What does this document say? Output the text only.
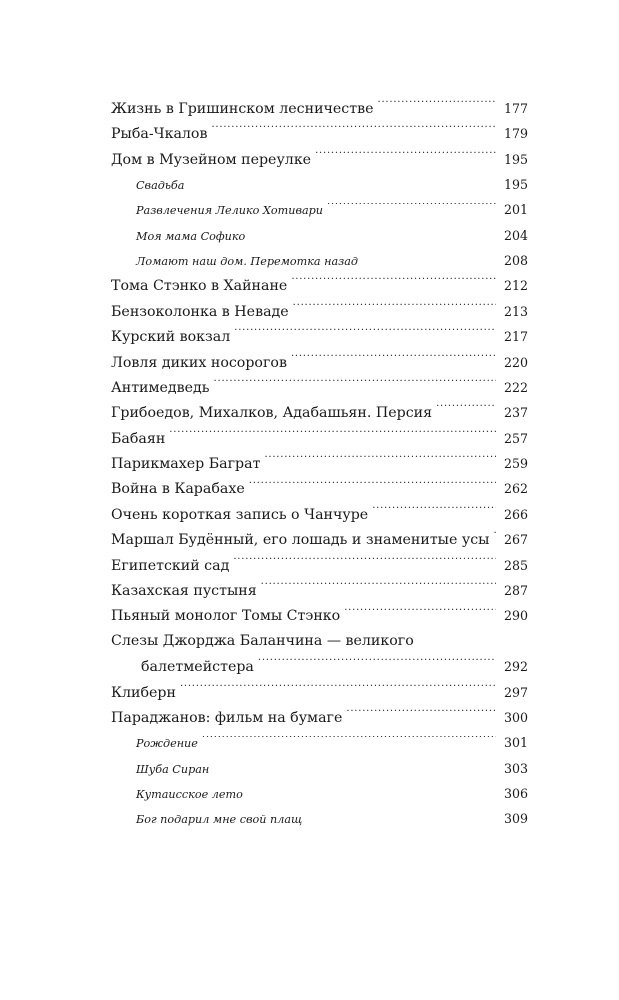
Жизнь в Гришинском лесничестве . . .	177
Рыба-Чкалов . . .	179
Дом в Музейном переулке . . .	195
Свадьба . . .	195
Развлечения Лелико Хотивари . . .	201
Моя мама Софико . . .	204
Ломают наш дом. Перемотка назад . . .	208
Тома Стэнко в Хайнане . . .	212
Бензоколонка в Неваде . . .	213
Курский вокзал . . .	217
Ловля диких носорогов . . .	220
Антимедведь . . .	222
Грибоедов, Михалков, Адабашьян. Персия . . .	237
Бабаян . . .	257
Парикмахер Баграт . . .	259
Война в Карабахе . . .	262
Очень короткая запись о Чанчуре . . .	266
Маршал Будённый, его лошадь и знаменитые усы . . . 267
Египетский сад . . .	285
Казахская пустыня . . .	287
Пьяный монолог Томы Стэнко . . .	290
Слезы Джорджа Баланчина — великого
балетмейстера . . .	292
Клиберн . . .	297
Параджанов: фильм на бумаге . . .	300
Рождение . . .	301
Шуба Сиран . . .	303
Кутаисское лето . . .	306
Бог подарил мне свой плащ . . .	309
